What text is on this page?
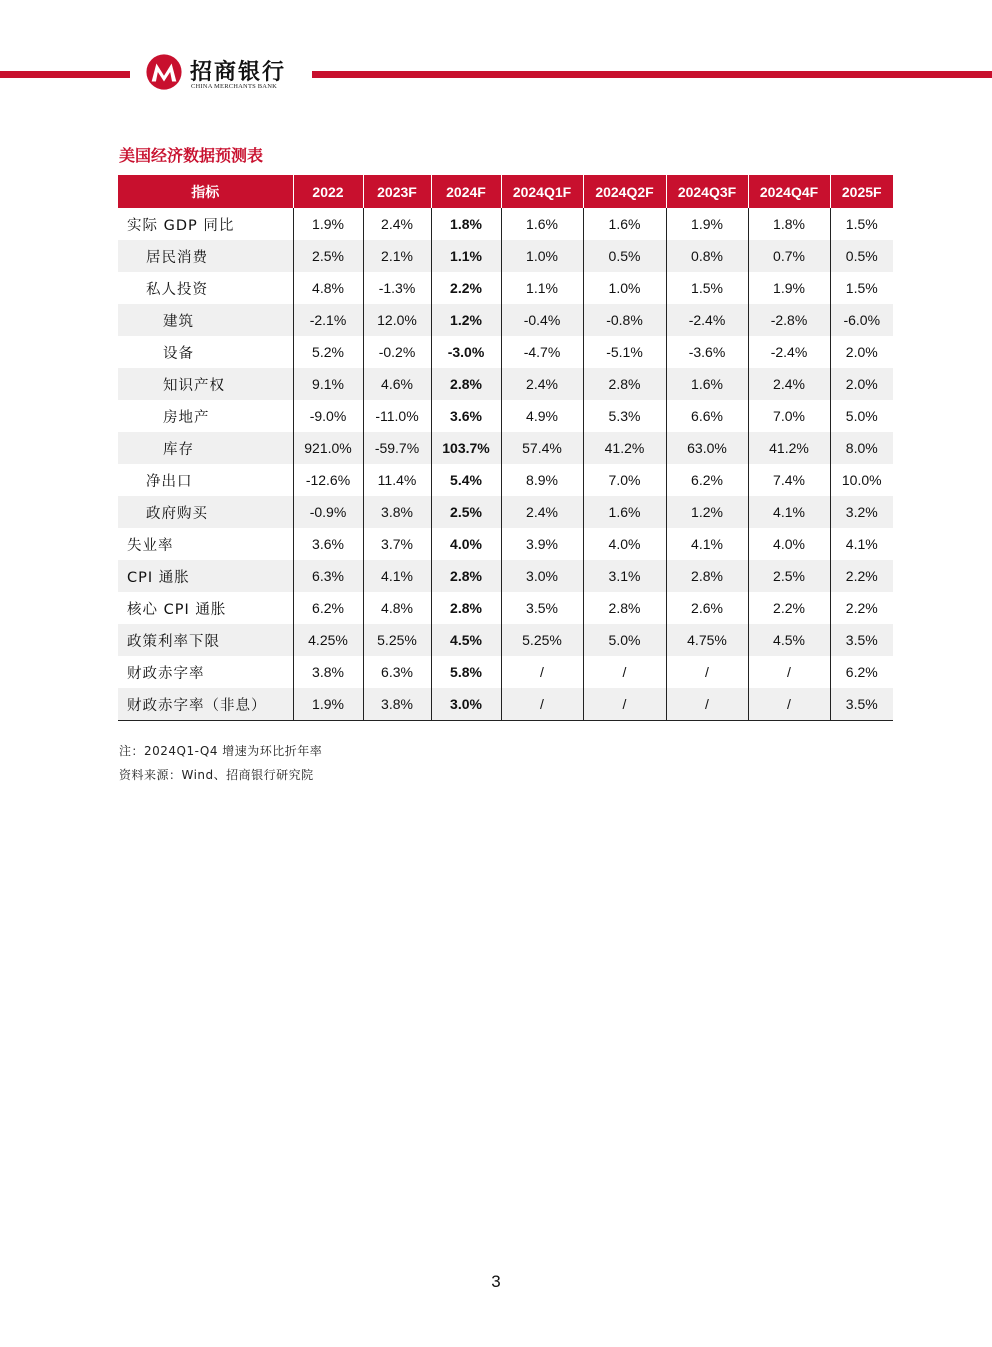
招商银行
CHINA MERCHANTS BANK
美国经济数据预测表
指标	2022	2023F	2024F	2024Q1F	2024Q2F	2024Q3F	2024Q4F	2025F
实际 GDP 同比	1.9%	2.4%	1.8%	1.6%	1.6%	1.9%	1.8%	1.5%
居民消费	2.5%	2.1%	1.1%	1.0%	0.5%	0.8%	0.7%	0.5%
私人投资	4.8%	-1.3%	2.2%	1.1%	1.0%	1.5%	1.9%	1.5%
建筑	-2.1%	12.0%	1.2%	-0.4%	-0.8%	-2.4%	-2.8%	-6.0%
设备	5.2%	-0.2%	-3.0%	-4.7%	-5.1%	-3.6%	-2.4%	2.0%
知识产权	9.1%	4.6%	2.8%	2.4%	2.8%	1.6%	2.4%	2.0%
房地产	-9.0%	-11.0%	3.6%	4.9%	5.3%	6.6%	7.0%	5.0%
库存	921.0%	-59.7%	103.7%	57.4%	41.2%	63.0%	41.2%	8.0%
净出口	-12.6%	11.4%	5.4%	8.9%	7.0%	6.2%	7.4%	10.0%
政府购买	-0.9%	3.8%	2.5%	2.4%	1.6%	1.2%	4.1%	3.2%
失业率	3.6%	3.7%	4.0%	3.9%	4.0%	4.1%	4.0%	4.1%
CPI 通胀	6.3%	4.1%	2.8%	3.0%	3.1%	2.8%	2.5%	2.2%
核心 CPI 通胀	6.2%	4.8%	2.8%	3.5%	2.8%	2.6%	2.2%	2.2%
政策利率下限	4.25%	5.25%	4.5%	5.25%	5.0%	4.75%	4.5%	3.5%
财政赤字率	3.8%	6.3%	5.8%	/	/	/	/	6.2%
财政赤字率（非息）	1.9%	3.8%	3.0%	/	/	/	/	3.5%
注：2024Q1-Q4 增速为环比折年率
资料来源：Wind、招商银行研究院
3
